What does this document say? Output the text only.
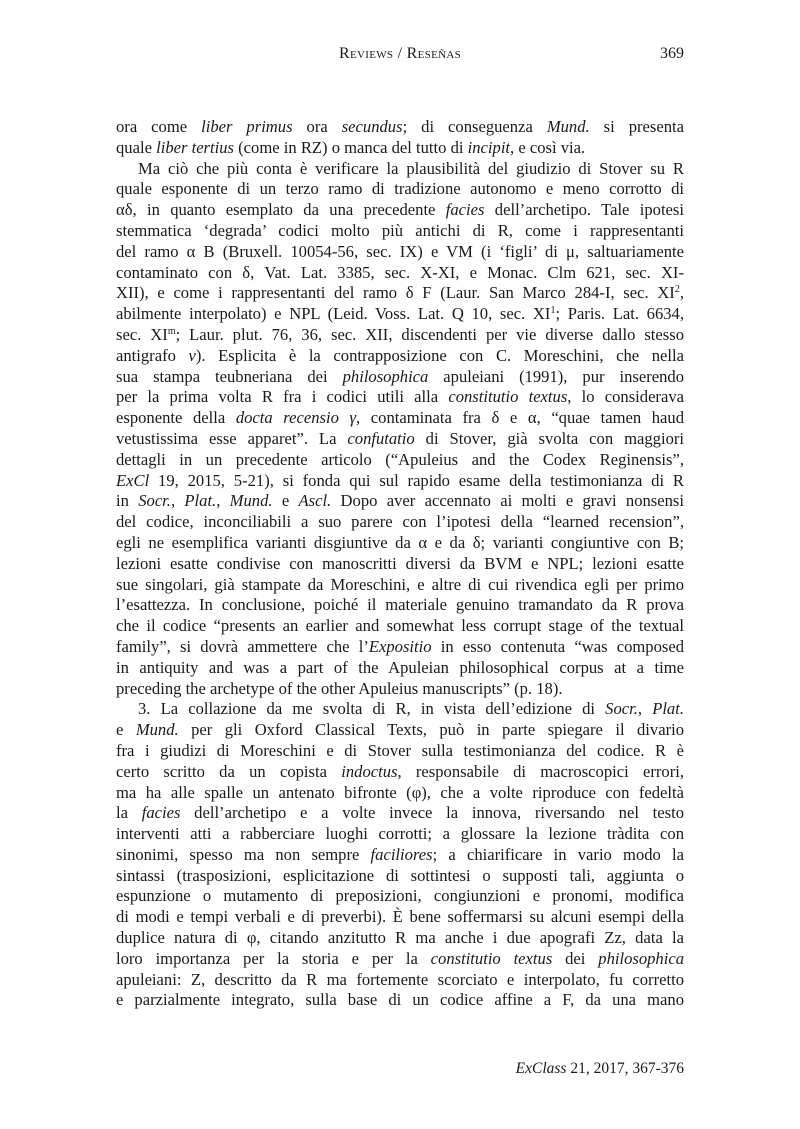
Reviews / Reseñas	369
ora come liber primus ora secundus; di conseguenza Mund. si presenta
quale liber tertius (come in RZ) o manca del tutto di incipit, e così via.
Ma ciò che più conta è verificare la plausibilità del giudizio di Stover su R
quale esponente di un terzo ramo di tradizione autonomo e meno corrotto di
αδ, in quanto esemplato da una precedente facies dell’archetipo. Tale ipotesi
stemmatica ‘degrada’ codici molto più antichi di R, come i rappresentanti
del ramo α B (Bruxell. 10054-56, sec. IX) e VM (i ‘figli’ di μ, saltuariamente
contaminato con δ, Vat. Lat. 3385, sec. X-XI, e Monac. Clm 621, sec. XI-
XII), e come i rappresentanti del ramo δ F (Laur. San Marco 284-I, sec. $XI^2$,
abilmente interpolato) e NPL (Leid. Voss. Lat. Q 10, sec. $XI^1$; Paris. Lat. 6634,
sec. $XI^m$; Laur. plut. 76, 36, sec. XII, discendenti per vie diverse dallo stesso
antigrafo ν). Esplicita è la contrapposizione con C. Moreschini, che nella
sua stampa teubneriana dei philosophica apuleiani (1991), pur inserendo
per la prima volta R fra i codici utili alla constitutio textus, lo considerava
esponente della docta recensio γ, contaminata fra δ e α, “quae tamen haud
vetustissima esse apparet”. La confutatio di Stover, già svolta con maggiori
dettagli in un precedente articolo (“Apuleius and the Codex Reginensis”,
ExCl 19, 2015, 5-21), si fonda qui sul rapido esame della testimonianza di R
in Socr., Plat., Mund. e Ascl. Dopo aver accennato ai molti e gravi nonsensi
del codice, inconciliabili a suo parere con l’ipotesi della “learned recension”,
egli ne esemplifica varianti disgiuntive da α e da δ; varianti congiuntive con B;
lezioni esatte condivise con manoscritti diversi da BVM e NPL; lezioni esatte
sue singolari, già stampate da Moreschini, e altre di cui rivendica egli per primo
l’esattezza. In conclusione, poiché il materiale genuino tramandato da R prova
che il codice “presents an earlier and somewhat less corrupt stage of the textual
family”, si dovrà ammettere che l’Expositio in esso contenuta “was composed
in antiquity and was a part of the Apuleian philosophical corpus at a time
preceding the archetype of the other Apuleius manuscripts” (p. 18).
3. La collazione da me svolta di R, in vista dell’edizione di Socr., Plat.
e Mund. per gli Oxford Classical Texts, può in parte spiegare il divario
fra i giudizi di Moreschini e di Stover sulla testimonianza del codice. R è
certo scritto da un copista indoctus, responsabile di macroscopici errori,
ma ha alle spalle un antenato bifronte (φ), che a volte riproduce con fedeltà
la facies dell’archetipo e a volte invece la innova, riversando nel testo
interventi atti a rabberciare luoghi corrotti; a glossare la lezione tràdita con
sinonimi, spesso ma non sempre faciliores; a chiarificare in vario modo la
sintassi (trasposizioni, esplicitazione di sottintesi o supposti tali, aggiunta o
espunzione o mutamento di preposizioni, congiunzioni e pronomi, modifica
di modi e tempi verbali e di preverbi). È bene soffermarsi su alcuni esempi della
duplice natura di φ, citando anzitutto R ma anche i due apografi Zz, data la
loro importanza per la storia e per la constitutio textus dei philosophica
apuleiani: Z, descritto da R ma fortemente scorciato e interpolato, fu corretto
e parzialmente integrato, sulla base di un codice affine a F, da una mano
ExClass 21, 2017, 367-376
